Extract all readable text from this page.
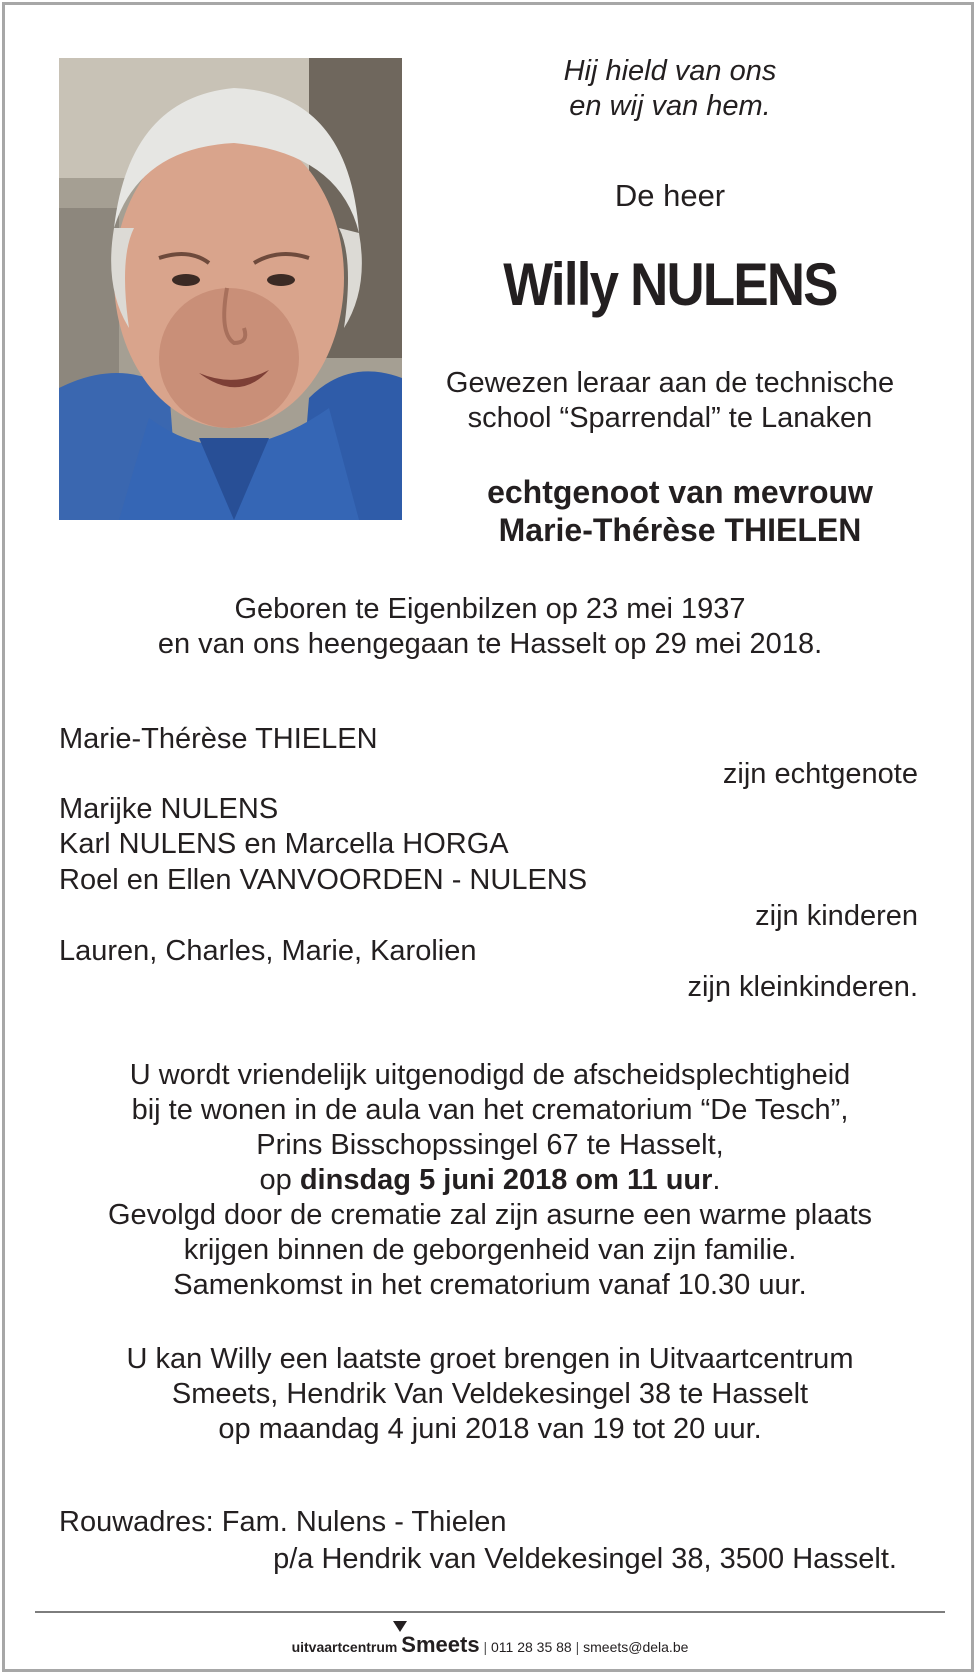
Hij hield van ons
en wij van hem.
De heer
Willy NULENS
Gewezen leraar aan de technische
school “Sparrendal” te Lanaken
echtgenoot van mevrouw
Marie-Thérèse THIELEN
Geboren te Eigenbilzen op 23 mei 1937
en van ons heengegaan te Hasselt op 29 mei 2018.
Marie-Thérèse THIELEN
zijn echtgenote
Marijke NULENS
Karl NULENS en Marcella HORGA
Roel en Ellen VANVOORDEN - NULENS
zijn kinderen
Lauren, Charles, Marie, Karolien
zijn kleinkinderen.
U wordt vriendelijk uitgenodigd de afscheidsplechtigheid
bij te wonen in de aula van het crematorium “De Tesch”,
Prins Bisschopssingel 67 te Hasselt,
op dinsdag 5 juni 2018 om 11 uur.
Gevolgd door de crematie zal zijn asurne een warme plaats
krijgen binnen de geborgenheid van zijn familie.
Samenkomst in het crematorium vanaf 10.30 uur.
U kan Willy een laatste groet brengen in Uitvaartcentrum
Smeets, Hendrik Van Veldekesingel 38 te Hasselt
op maandag 4 juni 2018 van 19 tot 20 uur.
Rouwadres: Fam. Nulens - Thielen
p/a Hendrik van Veldekesingel 38, 3500 Hasselt.
uitvaartcentrum Smeets | 011 28 35 88 | smeets@dela.be
